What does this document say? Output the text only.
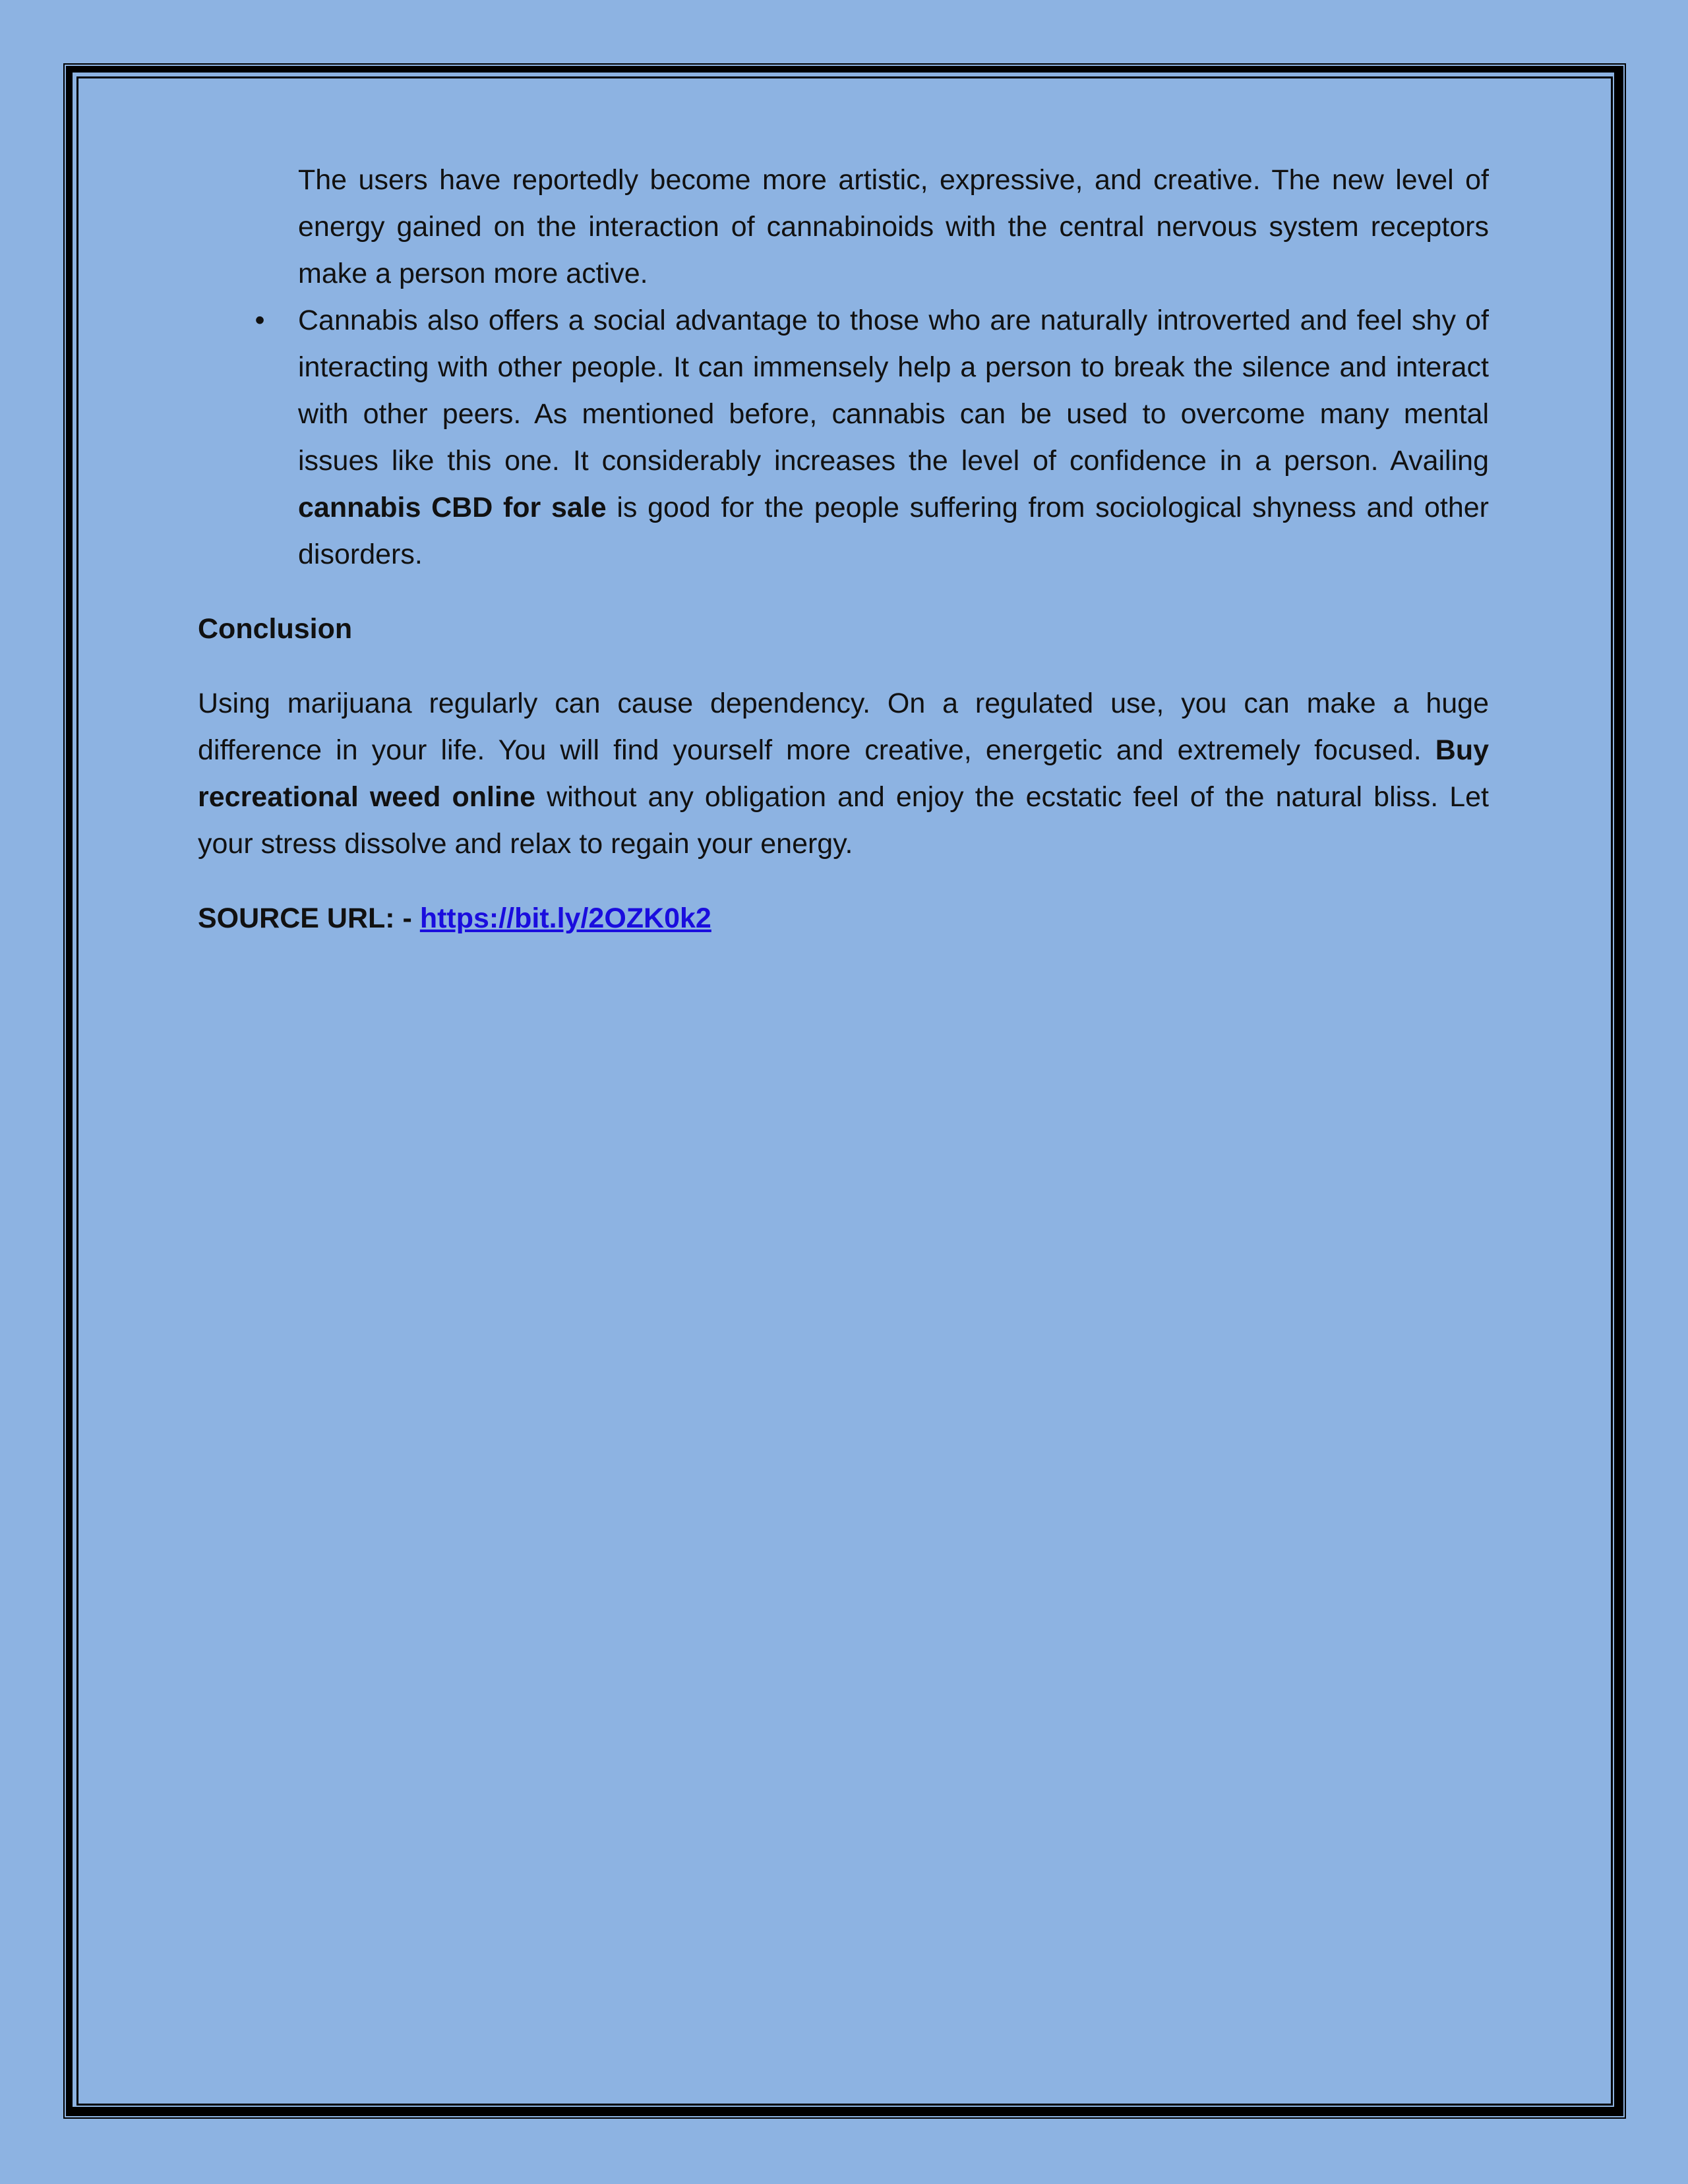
The users have reportedly become more artistic, expressive, and creative. The new level of energy gained on the interaction of cannabinoids with the central nervous system receptors make a person more active.

• Cannabis also offers a social advantage to those who are naturally introverted and feel shy of interacting with other people. It can immensely help a person to break the silence and interact with other peers. As mentioned before, cannabis can be used to overcome many mental issues like this one. It considerably increases the level of confidence in a person. Availing cannabis CBD for sale is good for the people suffering from sociological shyness and other disorders.

Conclusion

Using marijuana regularly can cause dependency. On a regulated use, you can make a huge difference in your life. You will find yourself more creative, energetic and extremely focused. Buy recreational weed online without any obligation and enjoy the ecstatic feel of the natural bliss. Let your stress dissolve and relax to regain your energy.

SOURCE URL: - https://bit.ly/2OZK0k2
